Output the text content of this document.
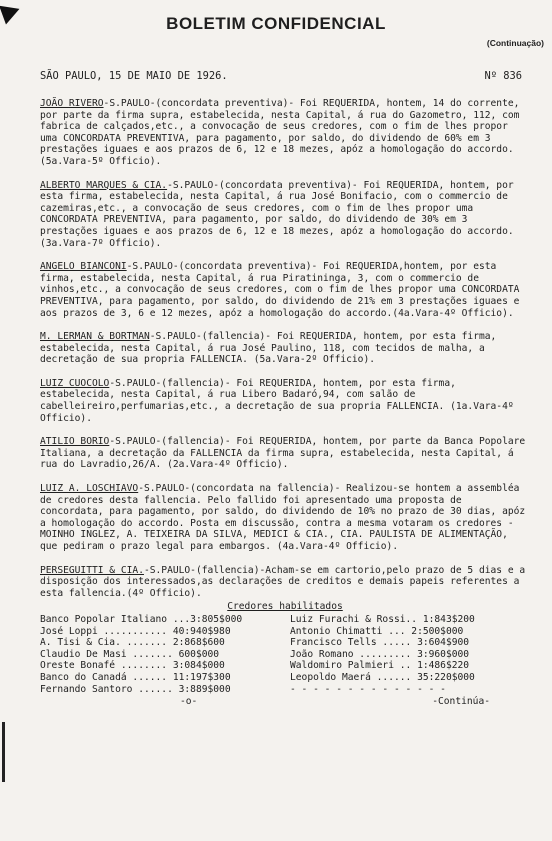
BOLETIM CONFIDENCIAL
(Continuação)
SÃO PAULO, 15 DE MAIO DE 1926.	Nº 836

JOÃO RIVERO-S.PAULO-(concordata preventiva)- Foi REQUERIDA, hontem, 14 do corrente, por parte da firma supra, estabelecida, nesta Capital, á rua do Gazometro, 112, com fabrica de calçados,etc., a convocação de seus credores, com o fim de lhes propor uma CONCORDATA PREVENTIVA, para pagamento, por saldo, do dividendo de 60% em 3 prestações iguaes e aos prazos de 6, 12 e 18 mezes, apóz a homologação do accordo. (5a.Vara-5º Officio).

ALBERTO MARQUES & CIA.-S.PAULO-(concordata preventiva)- Foi REQUERIDA, hontem, por esta firma, estabelecida, nesta Capital, á rua José Bonifacio, com o commercio de cazemiras,etc., a convocação de seus credores, com o fim de lhes propor uma CONCORDATA PREVENTIVA, para pagamento, por saldo, do dividendo de 30% em 3 prestações iguaes e aos prazos de 6, 12 e 18 mezes, apóz a homologação do accordo. (3a.Vara-7º Officio).

ANGELO BIANCONI-S.PAULO-(concordata preventiva)- Foi REQUERIDA,hontem, por esta firma, estabelecida, nesta Capital, á rua Piratininga, 3, com o commercio de vinhos,etc., a convocação de seus credores, com o fim de lhes propor uma CONCORDATA PREVENTIVA, para pagamento, por saldo, do dividendo de 21% em 3 prestações iguaes e aos prazos de 3, 6 e 12 mezes, apóz a homologação do accordo.(4a.Vara-4º Officio).

M. LERMAN & BORTMAN-S.PAULO-(fallencia)- Foi REQUERIDA, hontem, por esta firma, estabelecida, nesta Capital, á rua José Paulino, 118, com tecidos de malha, a decretação de sua propria FALLENCIA. (5a.Vara-2º Officio).

LUIZ CUOCOLO-S.PAULO-(fallencia)- Foi REQUERIDA, hontem, por esta firma, estabelecida, nesta Capital, á rua Libero Badaró,94, com salão de cabelleireiro,perfumarias,etc., a decretação de sua propria FALLENCIA. (1a.Vara-4º Officio).

ATILIO BORIO-S.PAULO-(fallencia)- Foi REQUERIDA, hontem, por parte da Banca Popolare Italiana, a decretação da FALLENCIA da firma supra, estabelecida, nesta Capital, á rua do Lavradio,26/A. (2a.Vara-4º Officio).

LUIZ A. LOSCHIAVO-S.PAULO-(concordata na fallencia)- Realizou-se hontem a assembléa de credores desta fallencia. Pelo fallido foi apresentado uma proposta de concordata, para pagamento, por saldo, do dividendo de 10% no prazo de 30 dias, apóz a homologação do accordo. Posta em discussão, contra a mesma votaram os credores - MOINHO INGLEZ, A. TEIXEIRA DA SILVA, MEDICI & CIA., CIA. PAULISTA DE ALIMENTAÇÃO, que pediram o prazo legal para embargos. (4a.Vara-4º Officio).

PERSEGUITTI & CIA.-S.PAULO-(fallencia)-Acham-se em cartorio,pelo prazo de 5 dias e a disposição dos interessados,as declarações de creditos e demais papeis referentes a esta fallencia.(4º Officio).

Credores habilitados
Banco Popolar Italiano ...3:805$000	Luiz Furachi & Rossi.. 1:843$200
José Loppi ........... 40:940$980	Antonio Chimatti ... 2:500$000
A. Tisi & Cia. ....... 2:868$600	Francisco Tells ..... 3:604$900
Claudio De Masi ....... 600$000	João Romano ......... 3:960$000
Oreste Bonafé ........ 3:084$000	Waldomiro Palmieri .. 1:486$220
Banco do Canadá ...... 11:197$300	Leopoldo Maerá ...... 35:220$000
Fernando Santoro ...... 3:889$000	- - - - - - - - - - - - - -
-o-	-Continúa-
